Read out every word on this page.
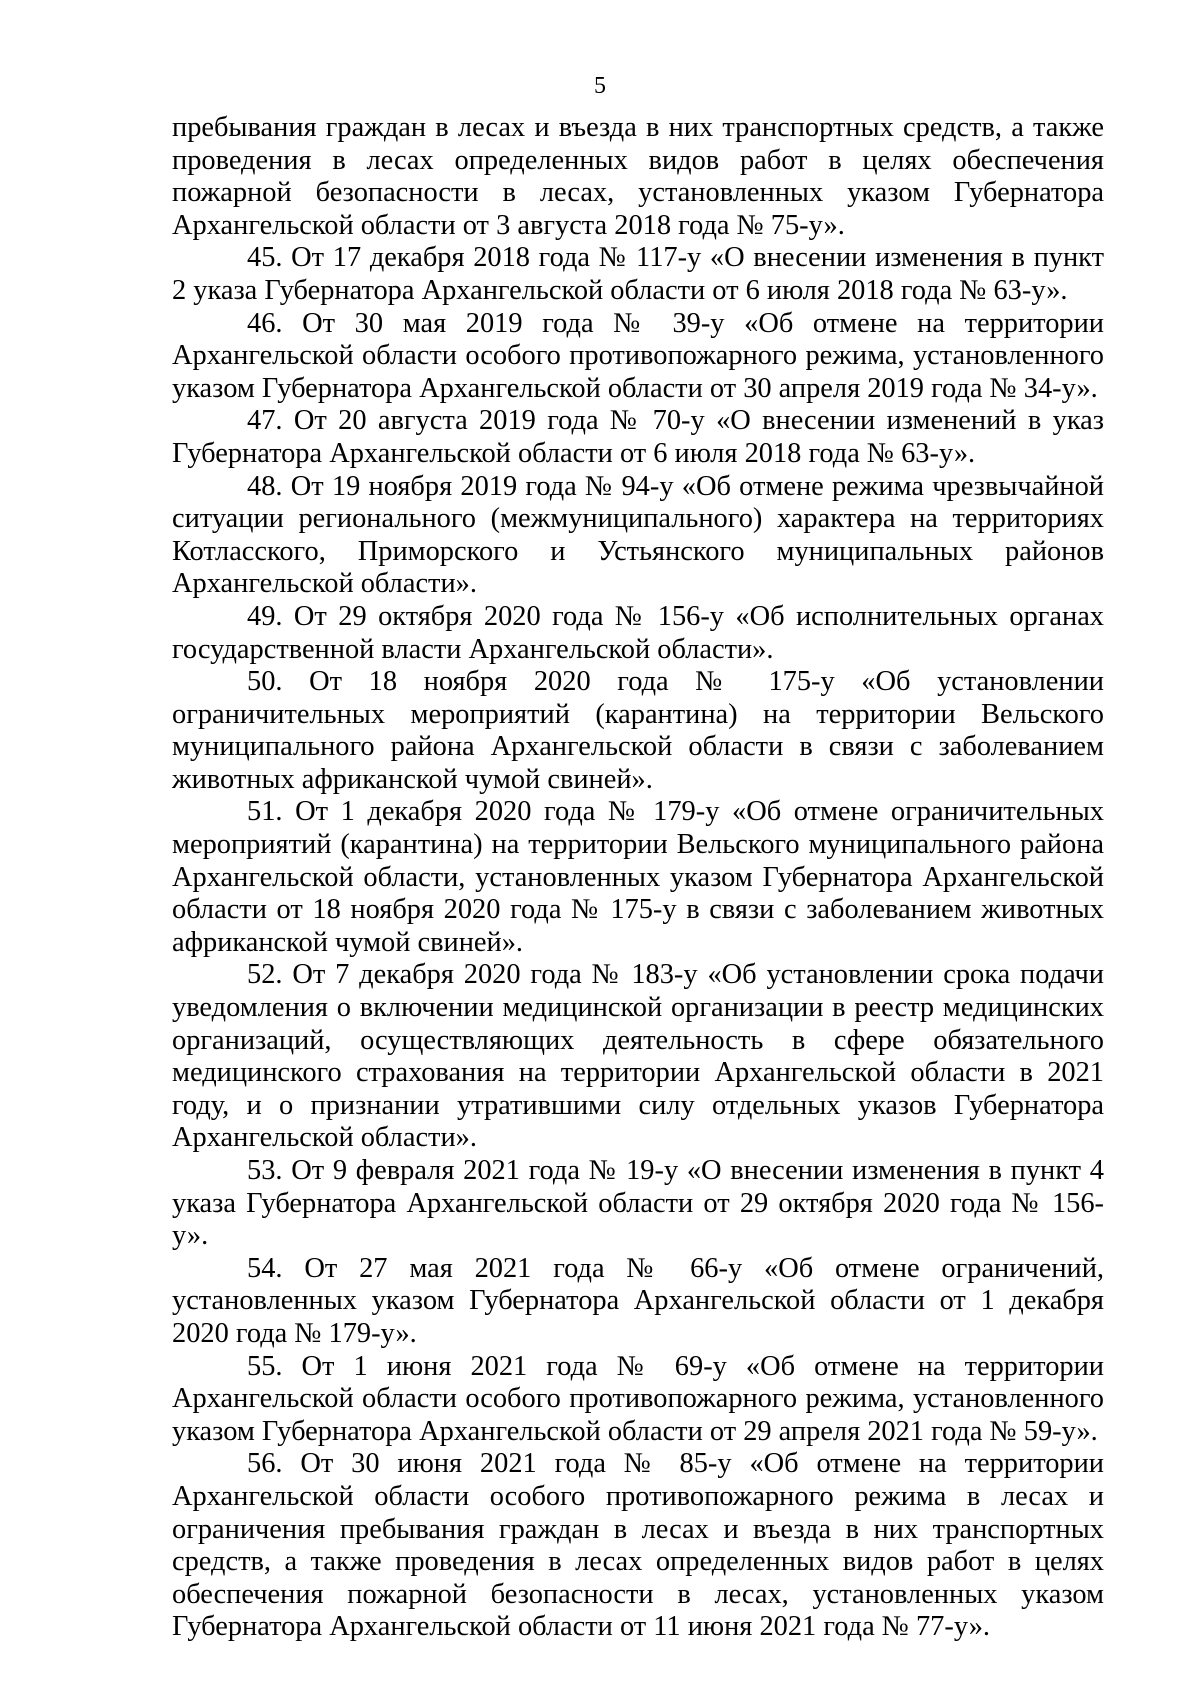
5

пребывания граждан в лесах и въезда в них транспортных средств, а также проведения в лесах определенных видов работ в целях обеспечения пожарной безопасности в лесах, установленных указом Губернатора Архангельской области от 3 августа 2018 года № 75-у».

45. От 17 декабря 2018 года № 117-у «О внесении изменения в пункт 2 указа Губернатора Архангельской области от 6 июля 2018 года № 63-у».

46. От 30 мая 2019 года № 39-у «Об отмене на территории Архангельской области особого противопожарного режима, установленного указом Губернатора Архангельской области от 30 апреля 2019 года № 34-у».

47. От 20 августа 2019 года № 70-у «О внесении изменений в указ Губернатора Архангельской области от 6 июля 2018 года № 63-у».

48. От 19 ноября 2019 года № 94-у «Об отмене режима чрезвычайной ситуации регионального (межмуниципального) характера на территориях Котласского, Приморского и Устьянского муниципальных районов Архангельской области».

49. От 29 октября 2020 года № 156-у «Об исполнительных органах государственной власти Архангельской области».

50. От 18 ноября 2020 года № 175-у «Об установлении ограничительных мероприятий (карантина) на территории Вельского муниципального района Архангельской области в связи с заболеванием животных африканской чумой свиней».

51. От 1 декабря 2020 года № 179-у «Об отмене ограничительных мероприятий (карантина) на территории Вельского муниципального района Архангельской области, установленных указом Губернатора Архангельской области от 18 ноября 2020 года № 175-у в связи с заболеванием животных африканской чумой свиней».

52. От 7 декабря 2020 года № 183-у «Об установлении срока подачи уведомления о включении медицинской организации в реестр медицинских организаций, осуществляющих деятельность в сфере обязательного медицинского страхования на территории Архангельской области в 2021 году, и о признании утратившими силу отдельных указов Губернатора Архангельской области».

53. От 9 февраля 2021 года № 19-у «О внесении изменения в пункт 4 указа Губернатора Архангельской области от 29 октября 2020 года № 156-у».

54. От 27 мая 2021 года № 66-у «Об отмене ограничений, установленных указом Губернатора Архангельской области от 1 декабря 2020 года № 179-у».

55. От 1 июня 2021 года № 69-у «Об отмене на территории Архангельской области особого противопожарного режима, установленного указом Губернатора Архангельской области от 29 апреля 2021 года № 59-у».

56. От 30 июня 2021 года № 85-у «Об отмене на территории Архангельской области особого противопожарного режима в лесах и ограничения пребывания граждан в лесах и въезда в них транспортных средств, а также проведения в лесах определенных видов работ в целях обеспечения пожарной безопасности в лесах, установленных указом Губернатора Архангельской области от 11 июня 2021 года № 77-у».
